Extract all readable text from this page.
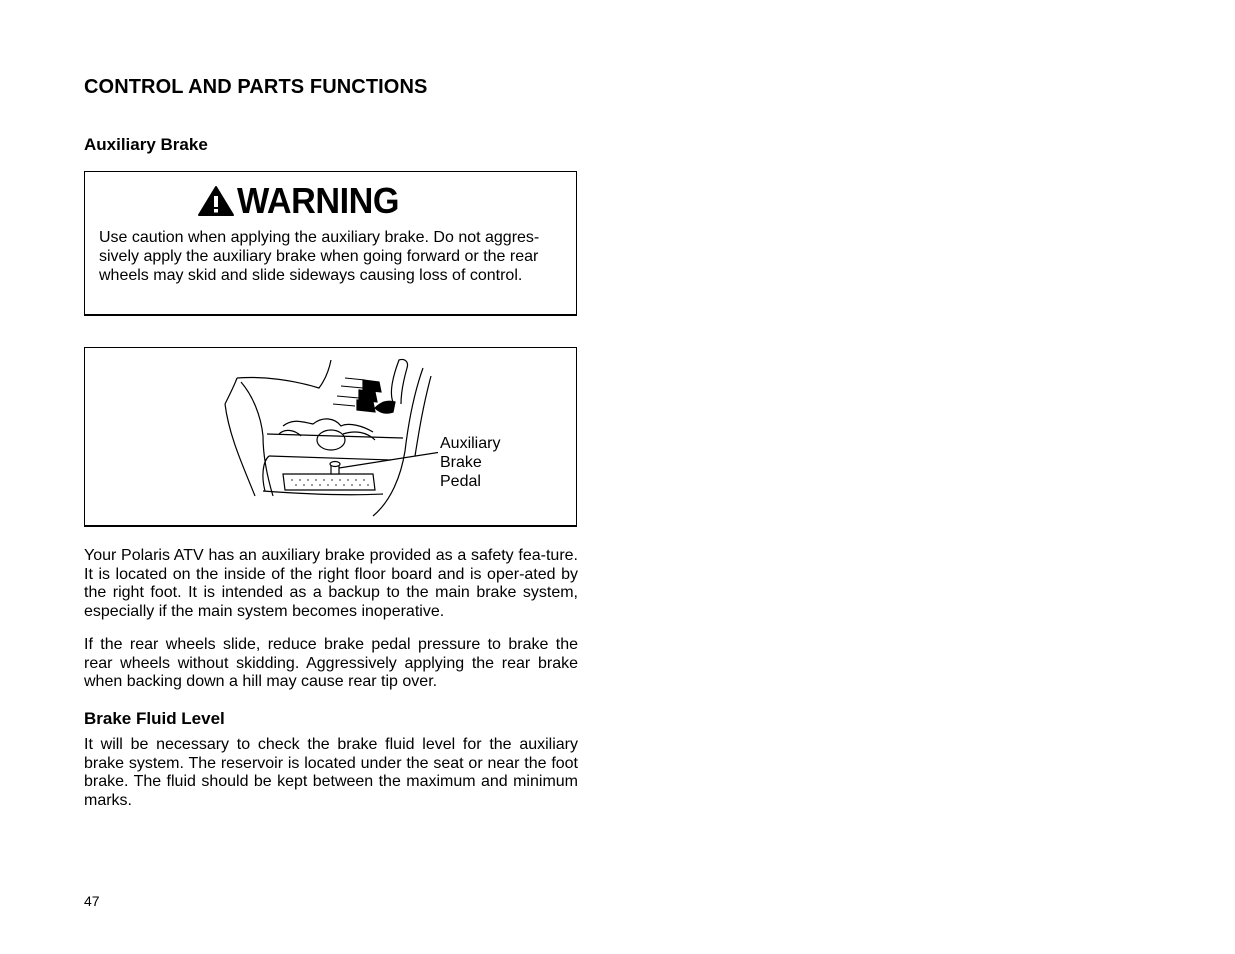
CONTROL AND PARTS FUNCTIONS
Auxiliary Brake
WARNING

Use caution when applying the auxiliary brake. Do not aggres-sively apply the auxiliary brake when going forward or the rear wheels may skid and slide sideways causing loss of control.

Auxiliary
Brake
Pedal

Your Polaris ATV has an auxiliary brake provided as a safety fea-ture. It is located on the inside of the right floor board and is oper-ated by the right foot. It is intended as a backup to the main brake system, especially if the main system becomes inoperative.

If the rear wheels slide, reduce brake pedal pressure to brake the rear wheels without skidding. Aggressively applying the rear brake when backing down a hill may cause rear tip over.

Brake Fluid Level

It will be necessary to check the brake fluid level for the auxiliary brake system. The reservoir is located under the seat or near the foot brake. The fluid should be kept between the maximum and minimum marks.

47
